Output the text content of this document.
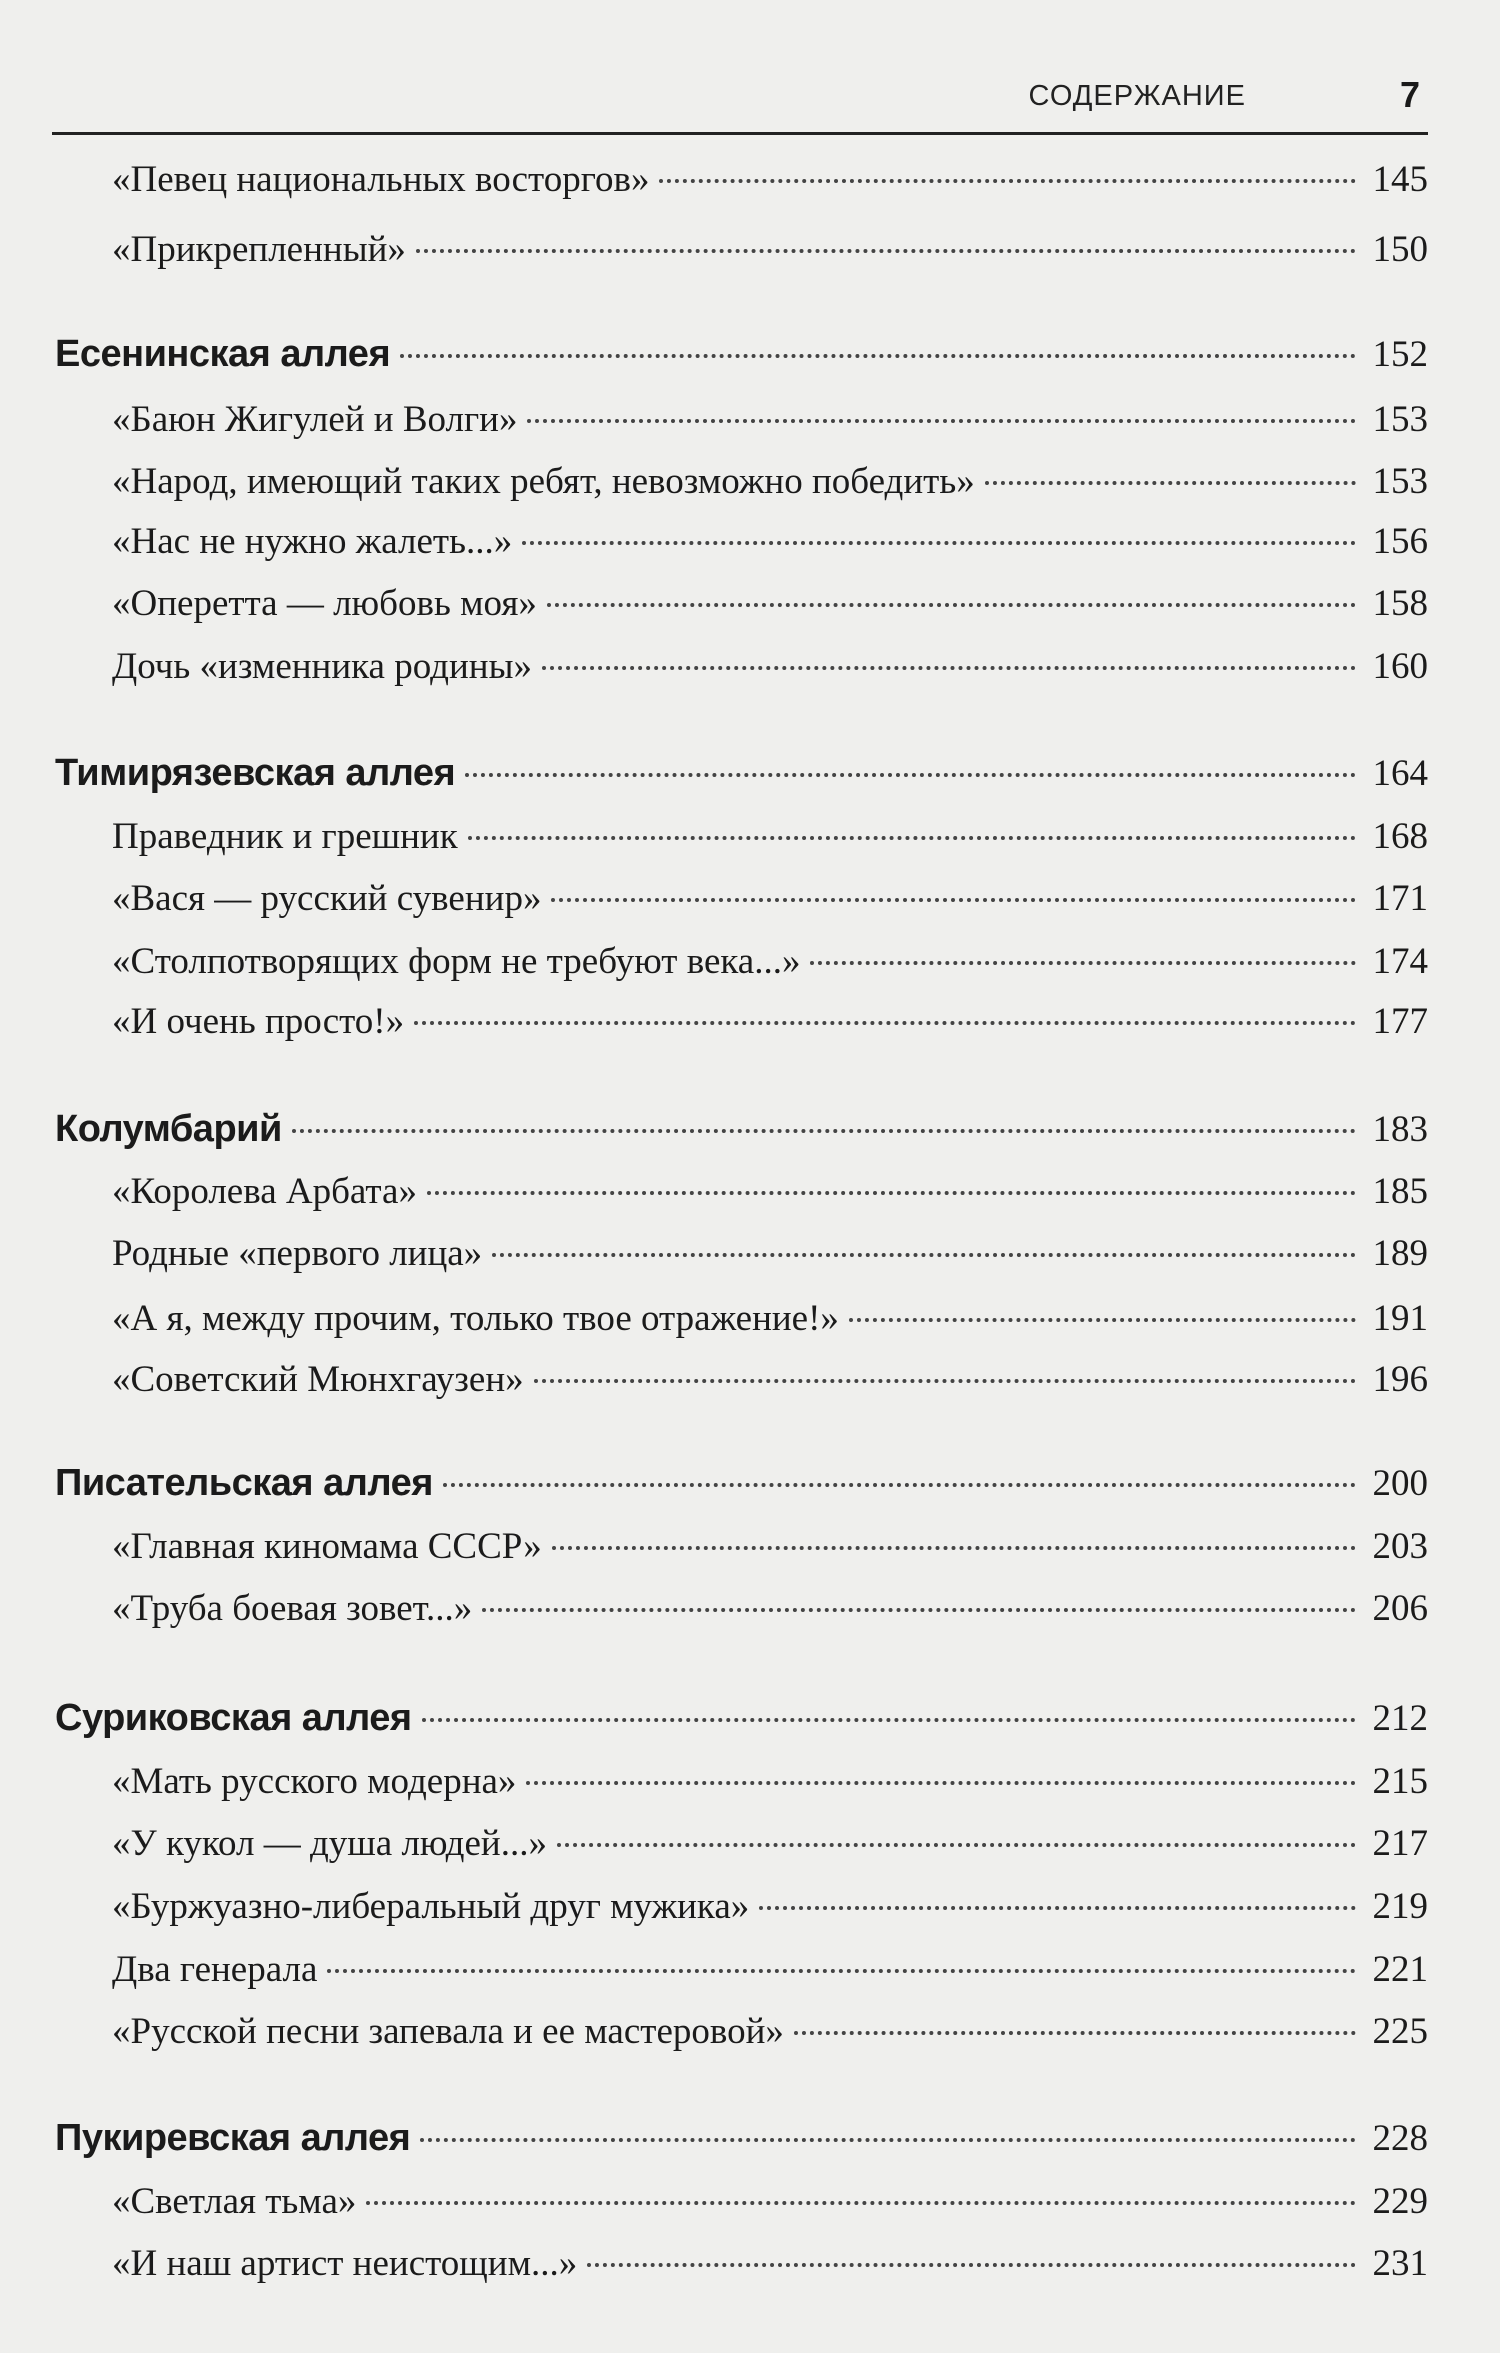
СОДЕРЖАНИЕ	7
«Певец национальных восторгов»	145
«Прикрепленный»	150
Есенинская аллея	152
«Баюн Жигулей и Волги»	153
«Народ, имеющий таких ребят, невозможно победить»	153
«Нас не нужно жалеть...»	156
«Оперетта — любовь моя»	158
Дочь «изменника родины»	160
Тимирязевская аллея	164
Праведник и грешник	168
«Вася — русский сувенир»	171
«Столпотворящих форм не требуют века...»	174
«И очень просто!»	177
Колумбарий	183
«Королева Арбата»	185
Родные «первого лица»	189
«А я, между прочим, только твое отражение!»	191
«Советский Мюнхгаузен»	196
Писательская аллея	200
«Главная киномама СССР»	203
«Труба боевая зовет...»	206
Суриковская аллея	212
«Мать русского модерна»	215
«У кукол — душа людей...»	217
«Буржуазно-либеральный друг мужика»	219
Два генерала	221
«Русской песни запевала и ее мастеровой»	225
Пукиревская аллея	228
«Светлая тьма»	229
«И наш артист неистощим...»	231
